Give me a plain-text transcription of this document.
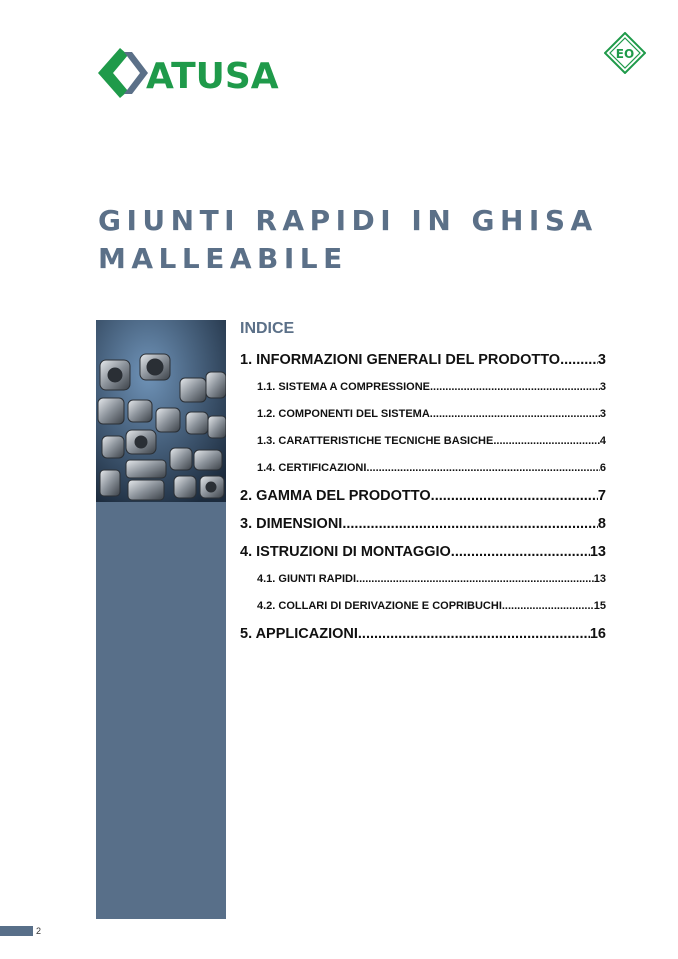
ATUSA
EO
GIUNTI RAPIDI IN GHISA
MALLEABILE
INDICE
1. INFORMAZIONI GENERALI DEL PRODOTTO .....	3
1.1. SISTEMA A COMPRESSIONE .....	3
1.2. COMPONENTI DEL SISTEMA .....	3
1.3. CARATTERISTICHE TECNICHE BASICHE .....	4
1.4. CERTIFICAZIONI .....	6
2. GAMMA DEL PRODOTTO .....	7
3. DIMENSIONI .....	8
4. ISTRUZIONI DI MONTAGGIO .....	13
4.1. GIUNTI RAPIDI .....	13
4.2. COLLARI DI DERIVAZIONE E COPRIBUCHI .....	15
5. APPLICAZIONI .....	16
2
